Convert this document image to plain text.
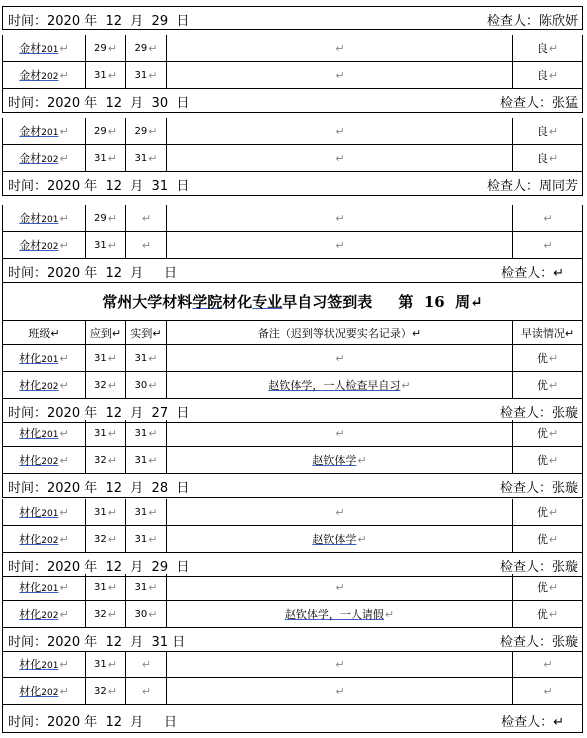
时间：2020 年  12  月  29  日	检查人：陈欣妍
金材201 ↵	29 ↵ 29 ↵	↵	良 ↵
金材202 ↵	31 ↵ 31 ↵	↵	良 ↵
时间：2020 年  12  月  30  日	检查人：张猛
金材201 ↵	29 ↵ 29 ↵	↵	良 ↵
金材202 ↵	31 ↵ 31 ↵	↵	良 ↵
时间：2020 年  12  月  31  日	检查人：周同芳
金材201 ↵	29 ↵ ↵	↵	↵
金材202 ↵	31 ↵ ↵	↵	↵
时间：2020 年  12  月     日	检查人：↵
常州大学材料学院材化专业早自习签到表     第  16  周↵
班级↵	应到↵ 实到↵	备注（迟到等状况要实名记录）↵	早读情况↵
材化201 ↵	31 ↵ 31 ↵	↵	优 ↵
材化202 ↵	32 ↵ 30 ↵	赵钦体学，一人检查早自习 ↵	优 ↵
时间：2020 年  12  月  27  日	检查人：张璇
材化201 ↵	31 ↵ 31 ↵	↵	优 ↵
材化202 ↵	32 ↵ 31 ↵	赵钦体学 ↵	优 ↵
时间：2020 年  12  月  28  日	检查人：张璇
材化201 ↵	31 ↵ 31 ↵	↵	优 ↵
材化202 ↵	32 ↵ 31 ↵	赵钦体学 ↵	优 ↵
时间：2020 年  12  月  29  日	检查人：张璇
材化201 ↵	31 ↵ 31 ↵	↵	优 ↵
材化202 ↵	32 ↵ 30 ↵	赵钦体学，一人请假 ↵	优 ↵
时间：2020 年  12  月  31 日	检查人：张璇
材化201 ↵	31 ↵ ↵	↵	↵
材化202 ↵	32 ↵ ↵	↵	↵
时间：2020 年  12  月     日	检查人：↵
